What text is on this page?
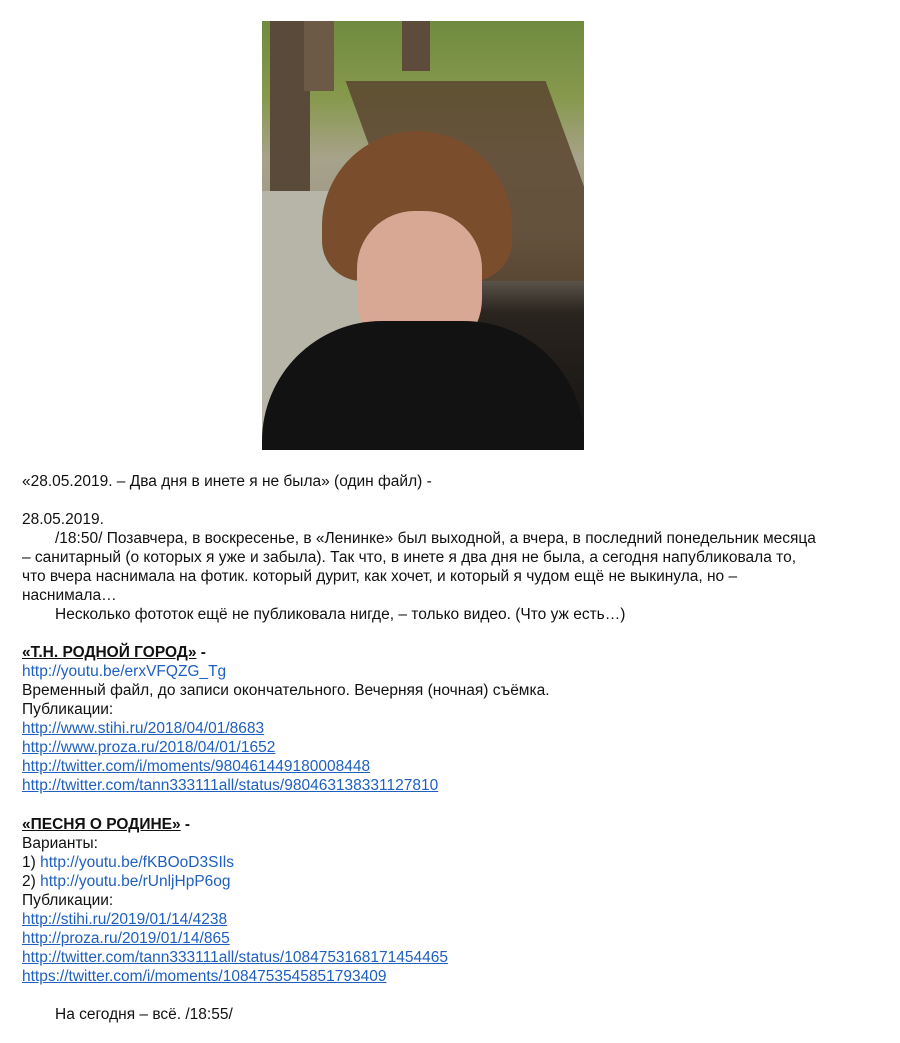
«28.05.2019. – Два дня в инете я не была» (один файл) -
28.05.2019.
/18:50/ Позавчера, в воскресенье, в «Ленинке» был выходной, а вчера, в последний понедельник месяца
– санитарный (о которых я уже и забыла). Так что, в инете я два дня не была, а сегодня напубликовала то,
что вчера наснимала на фотик. который дурит, как хочет, и который я чудом ещё не выкинула, но –
наснимала…
Несколько фототок ещё не публиковала нигде, – только видео. (Что уж есть…)
«Т.Н. РОДНОЙ ГОРОД» -
http://youtu.be/erxVFQZG_Tg
Временный файл, до записи окончательного. Вечерняя (ночная) съёмка.
Публикации:
http://www.stihi.ru/2018/04/01/8683
http://www.proza.ru/2018/04/01/1652
http://twitter.com/i/moments/980461449180008448
http://twitter.com/tann333111all/status/980463138331127810
«ПЕСНЯ О РОДИНЕ» -
Варианты:
1) http://youtu.be/fKBOoD3SIls
2) http://youtu.be/rUnljHpP6og
Публикации:
http://stihi.ru/2019/01/14/4238
http://proza.ru/2019/01/14/865
http://twitter.com/tann333111all/status/1084753168171454465
https://twitter.com/i/moments/1084753545851793409
На сегодня – всё. /18:55/
